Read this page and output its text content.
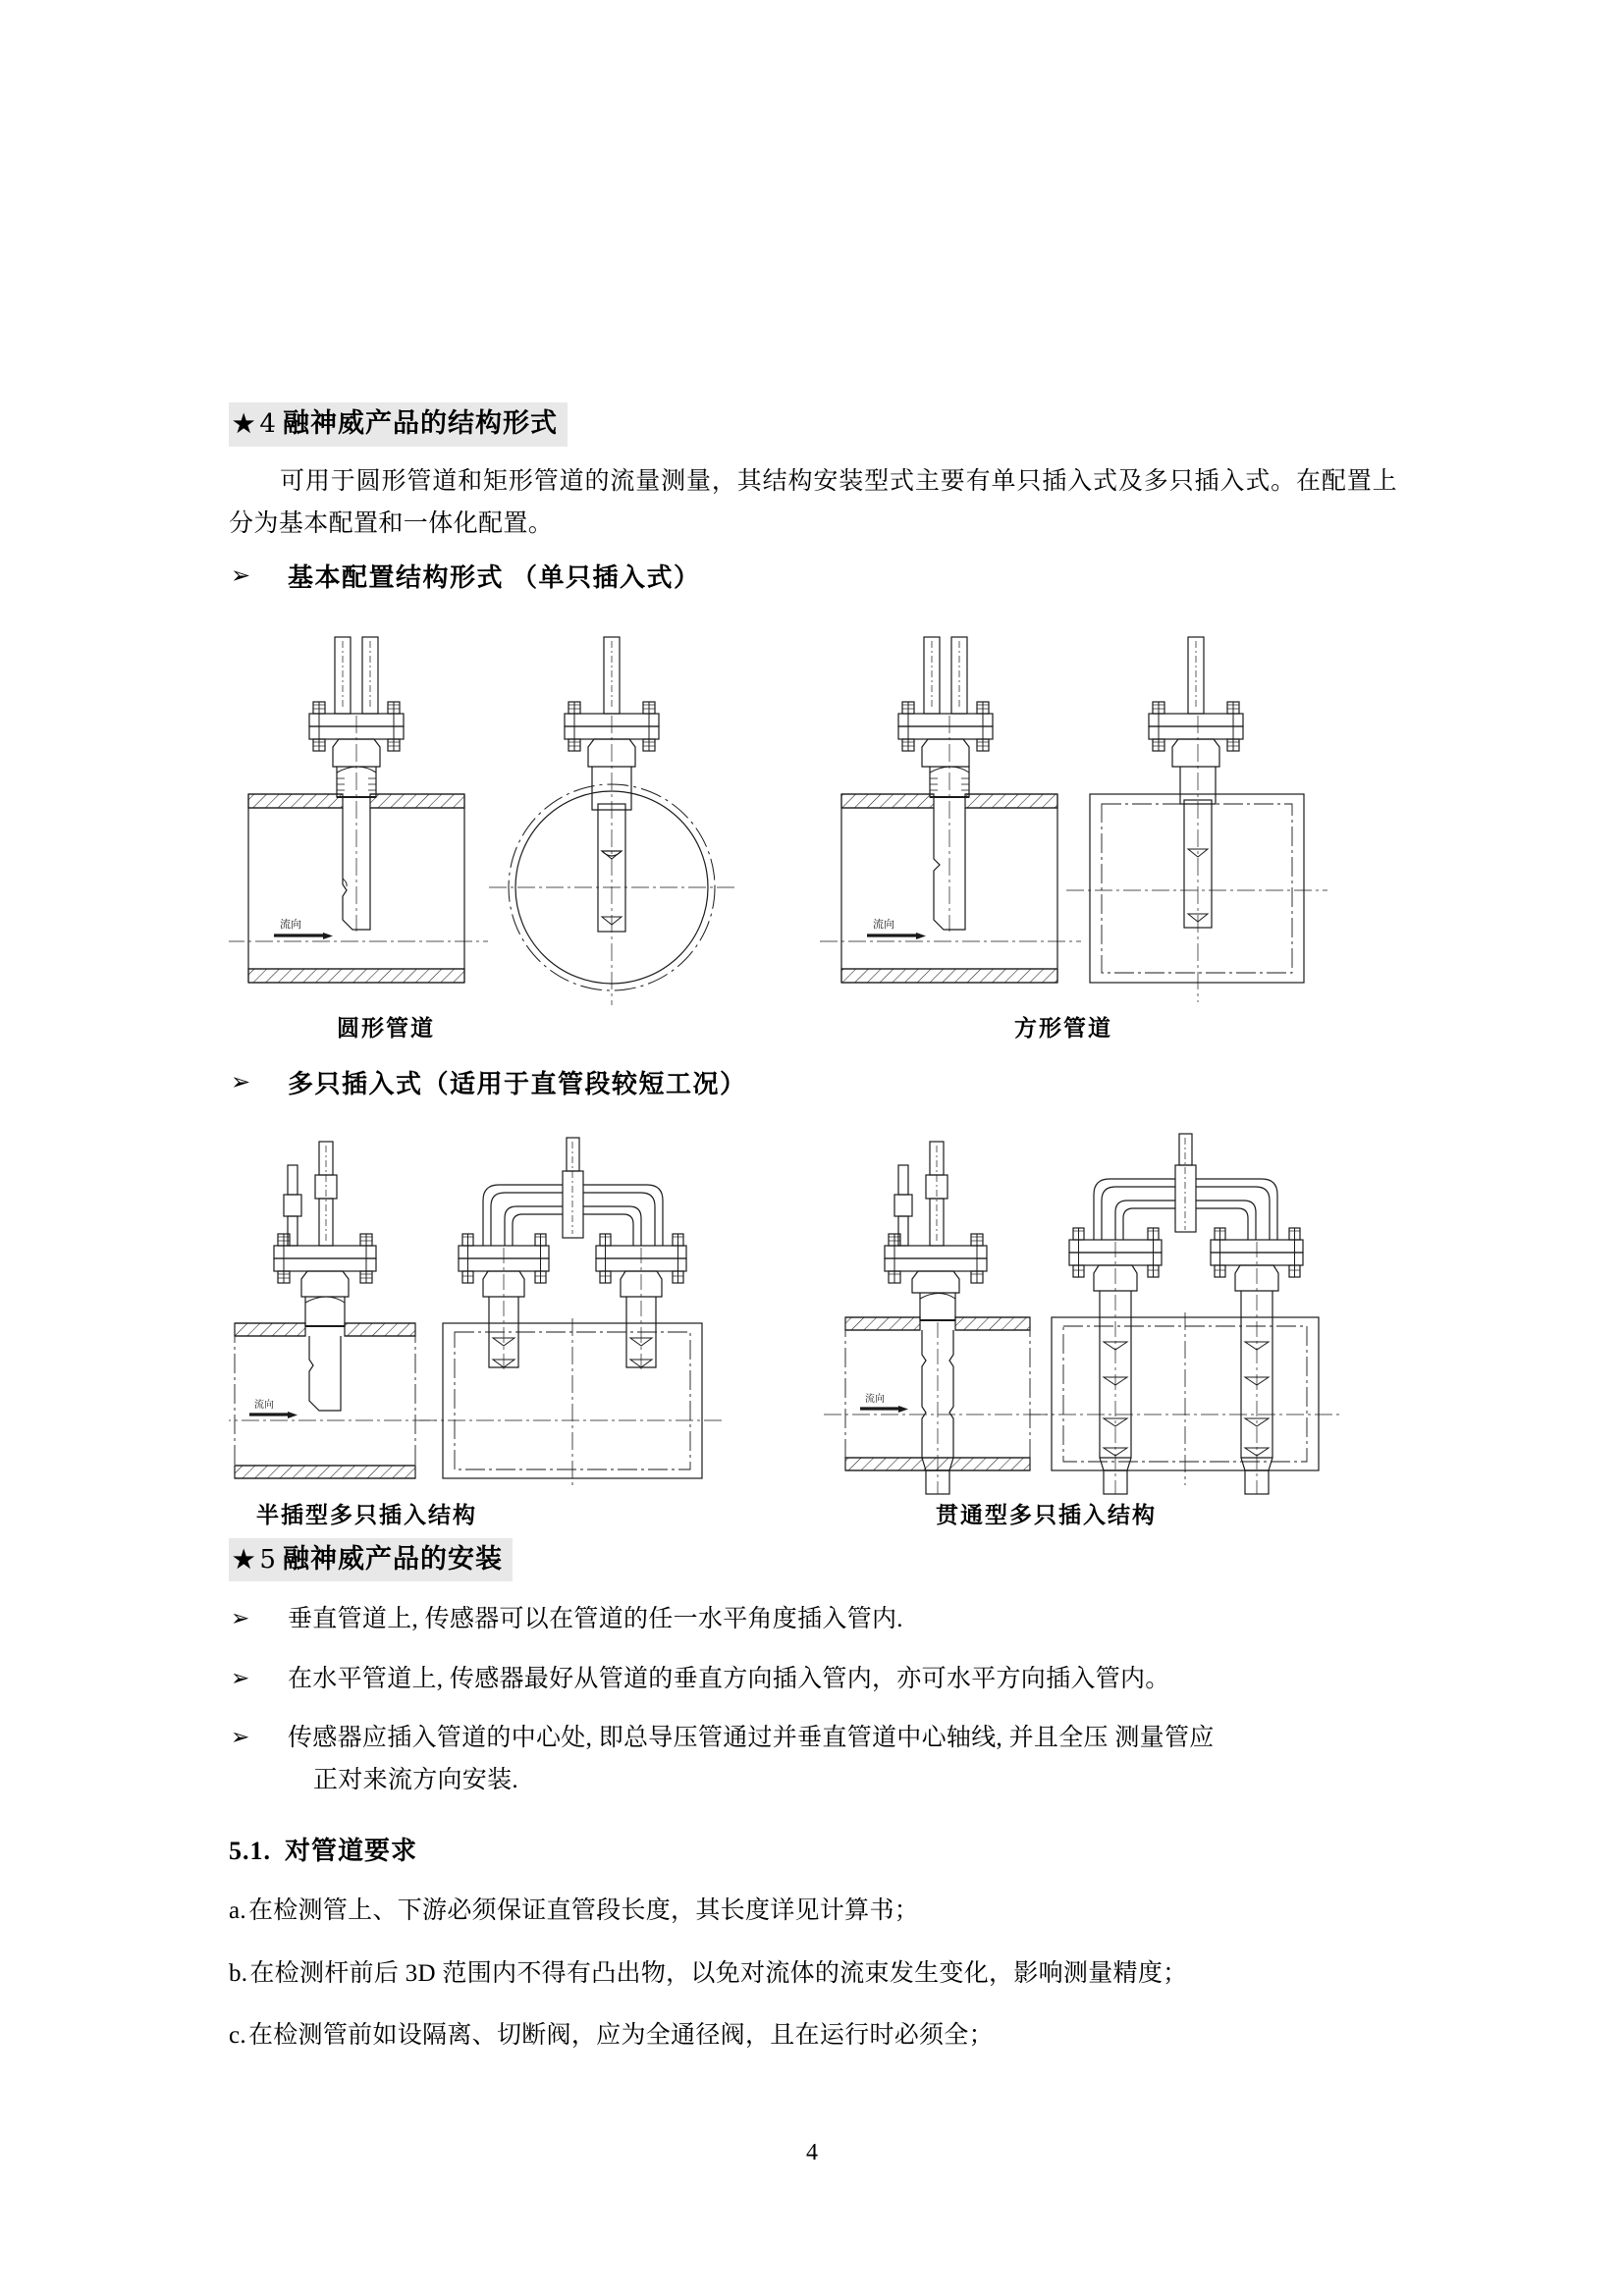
★ 4 融神威产品的结构形式

可用于圆形管道和矩形管道的流量测量，其结构安装型式主要有单只插入式及多只插入式。在配置上分为基本配置和一体化配置。

➢	基本配置结构形式 （单只插入式）
流向	流向
圆形管道	方形管道
➢	多只插入式（适用于直管段较短工况）
流向
流向
半插型多只插入结构	贯通型多只插入结构
★ 5 融神威产品的安装
➢	垂直管道上, 传感器可以在管道的任一水平角度插入管内.
➢	在水平管道上, 传感器最好从管道的垂直方向插入管内，亦可水平方向插入管内。
➢	传感器应插入管道的中心处, 即总导压管通过并垂直管道中心轴线, 并且全压 测量管应
正对来流方向安装.
5.1. 对管道要求
a.在检测管上、下游必须保证直管段长度，其长度详见计算书；
b.在检测杆前后 3D 范围内不得有凸出物，以免对流体的流束发生变化，影响测量精度；
c.在检测管前如设隔离、切断阀，应为全通径阀，且在运行时必须全；
4
